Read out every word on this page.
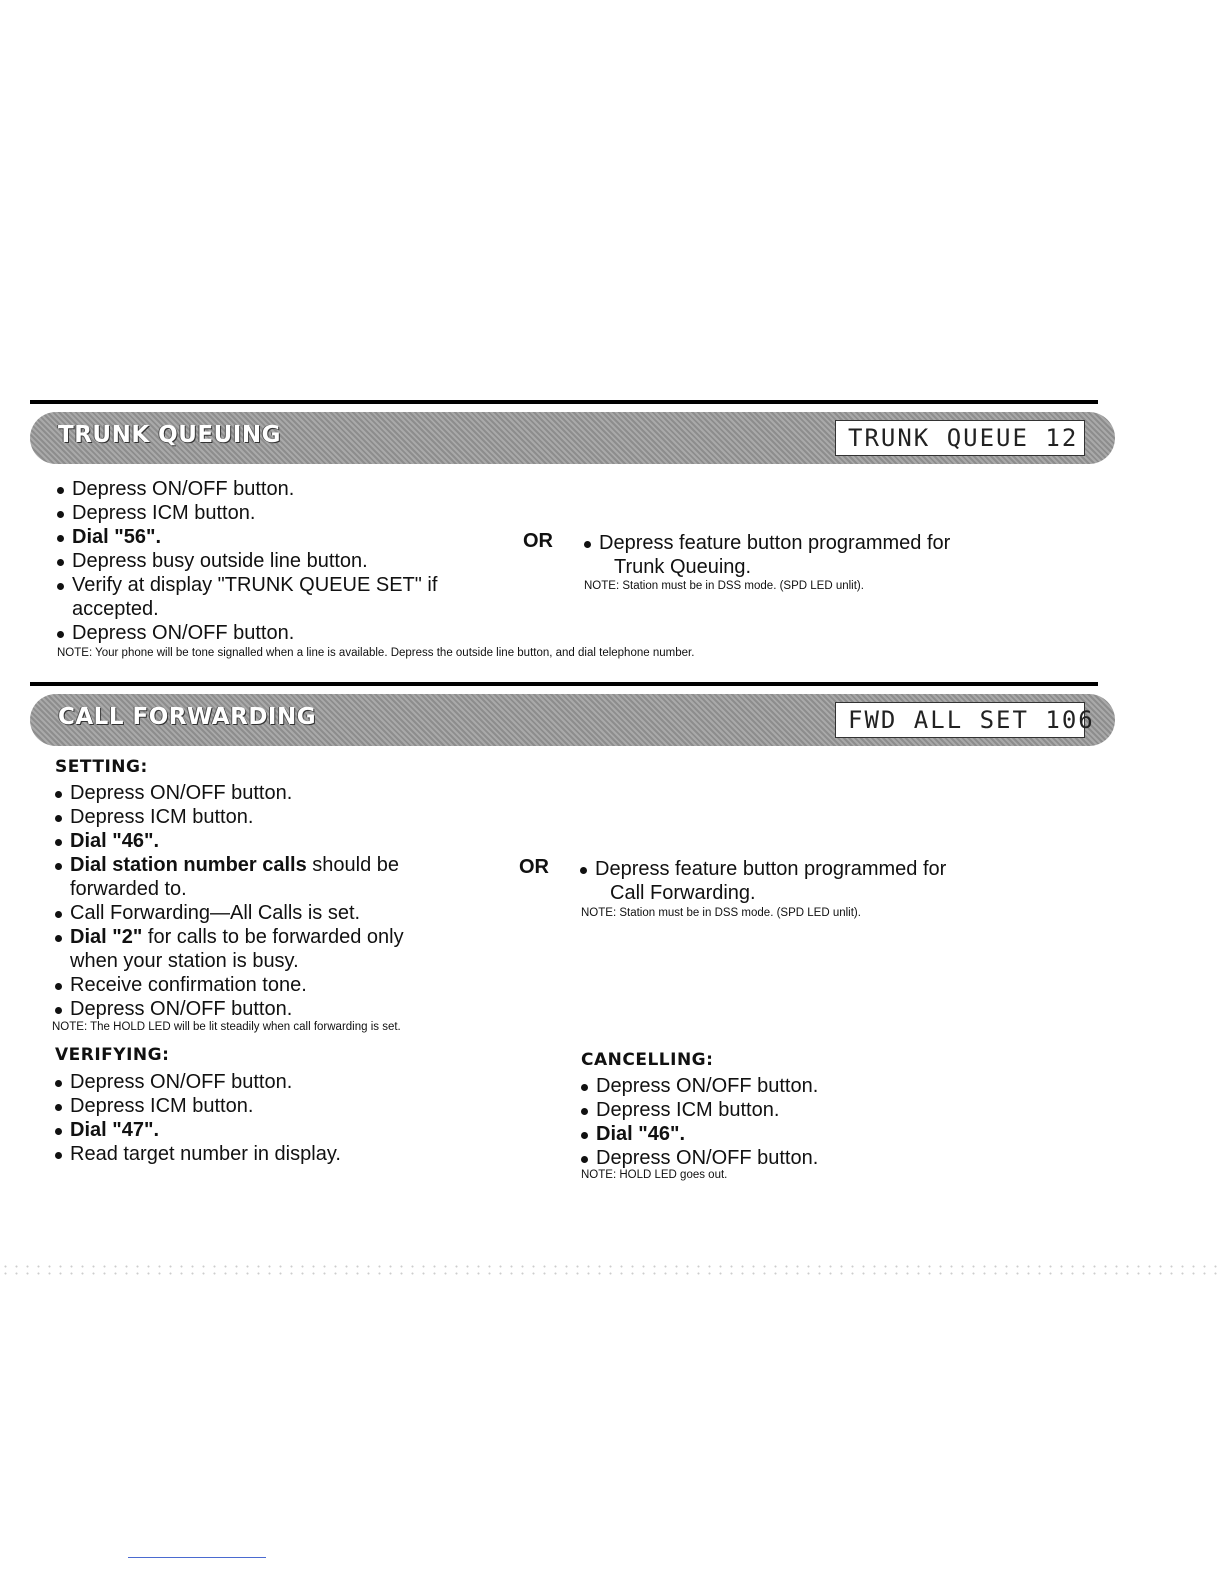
TRUNK QUEUING	TRUNK QUEUE 12
Depress ON/OFF button.
Depress ICM button.
Dial "56".
Depress busy outside line button.
Verify at display "TRUNK QUEUE SET" if
accepted.
Depress ON/OFF button.
OR	Depress feature button programmed for
Trunk Queuing.
NOTE: Station must be in DSS mode. (SPD LED unlit).
NOTE: Your phone will be tone signalled when a line is available. Depress the outside line button, and dial telephone number.
CALL FORWARDING	FWD ALL SET 106
SETTING:
Depress ON/OFF button.
Depress ICM button.
Dial "46".
Dial station number calls should be
forwarded to.
Call Forwarding—All Calls is set.
Dial "2" for calls to be forwarded only
when your station is busy.
Receive confirmation tone.
Depress ON/OFF button.
NOTE: The HOLD LED will be lit steadily when call forwarding is set.
OR	Depress feature button programmed for
Call Forwarding.
NOTE: Station must be in DSS mode. (SPD LED unlit).
VERIFYING:
Depress ON/OFF button.
Depress ICM button.
Dial "47".
Read target number in display.
CANCELLING:
Depress ON/OFF button.
Depress ICM button.
Dial "46".
Depress ON/OFF button.
NOTE: HOLD LED goes out.
